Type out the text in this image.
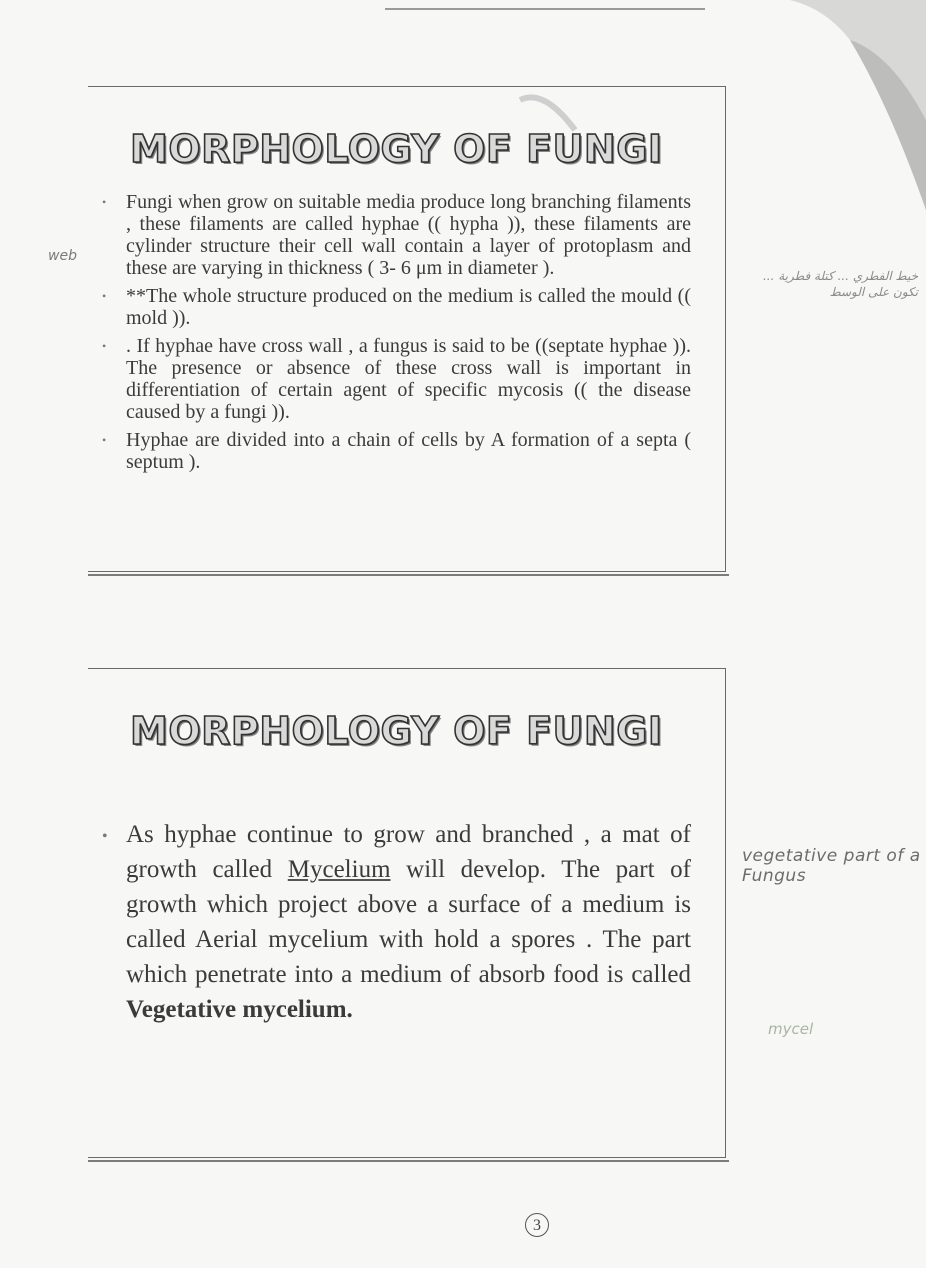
web
MORPHOLOGY OF FUNGI
• Fungi when grow on suitable media produce long branching filaments , these filaments are called hyphae (( hypha )), these filaments are cylinder structure their cell wall contain a layer of protoplasm and these are varying in thickness ( 3- 6 μm in diameter ).
• **The whole structure produced on the medium is called the mould (( mold )).
• . If hyphae have cross wall , a fungus is said to be ((septate hyphae )). The presence or absence of these cross wall is important in differentiation of certain agent of specific mycosis (( the disease caused by a fungi )).
• Hyphae are divided into a chain of cells by A formation of a septa ( septum ).
خيط الفطري ... كتلة فطرية ... تكون على الوسط
MORPHOLOGY OF FUNGI
• As hyphae continue to grow and branched , a mat of growth called Mycelium will develop. The part of growth which project above a surface of a medium is called Aerial mycelium with hold a spores . The part which penetrate into a medium of absorb food is called Vegetative mycelium.
vegetative part of a Fungus
mycel
3
